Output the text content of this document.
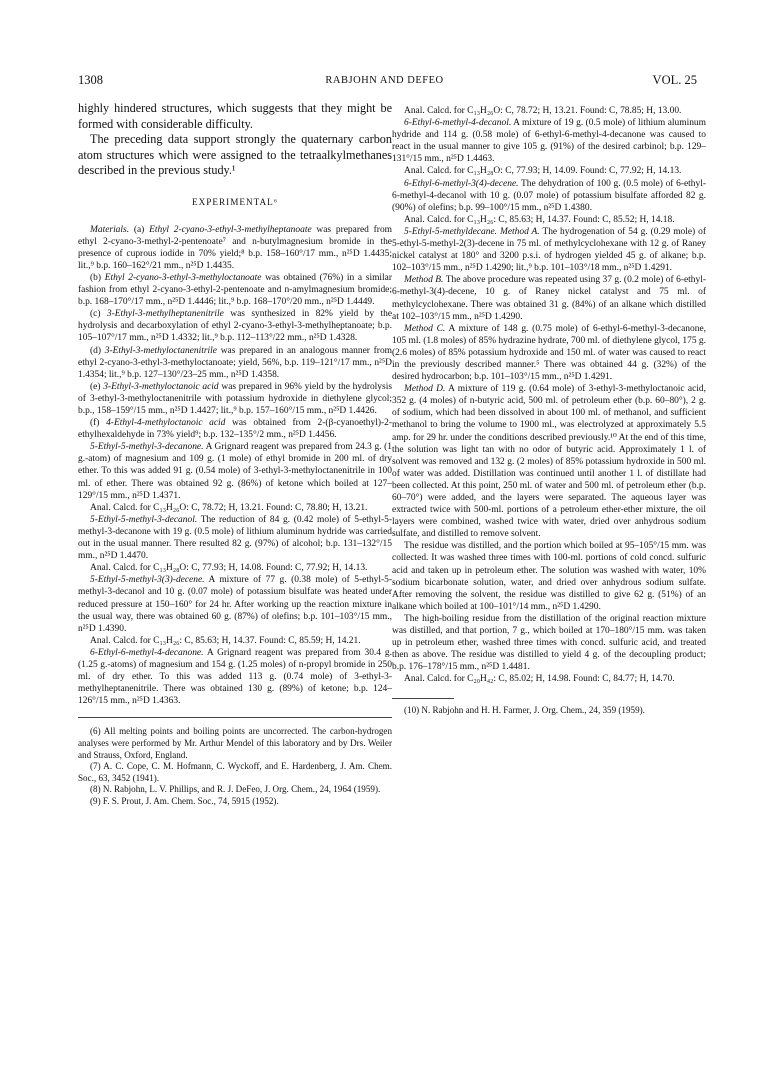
1308	RABJOHN AND DEFEO	VOL. 25

highly hindered structures, which suggests that they might be formed with considerable difficulty.

The preceding data support strongly the quaternary carbon atom structures which were assigned to the tetraalkylmethanes described in the previous study.¹

EXPERIMENTAL⁶

Materials. (a) Ethyl 2-cyano-3-ethyl-3-methylheptanoate was prepared from ethyl 2-cyano-3-methyl-2-pentenoate⁷ and n-butylmagnesium bromide in the presence of cuprous iodide in 70% yield;⁸ b.p. 158–160°/17 mm., n²⁵D 1.4435; lit.,⁹ b.p. 160–162°/21 mm., n²⁵D 1.4435.

(b) Ethyl 2-cyano-3-ethyl-3-methyloctanoate was obtained (76%) in a similar fashion from ethyl 2-cyano-3-ethyl-2-pentenoate and n-amylmagnesium bromide; b.p. 168–170°/17 mm., n²⁵D 1.4446; lit.,⁹ b.p. 168–170°/20 mm., n²⁵D 1.4449.

(c) 3-Ethyl-3-methylheptanenitrile was synthesized in 82% yield by the hydrolysis and decarboxylation of ethyl 2-cyano-3-ethyl-3-methylheptanoate; b.p. 105–107°/17 mm., n²⁵D 1.4332; lit.,⁹ b.p. 112–113°/22 mm., n²⁵D 1.4328.

(d) 3-Ethyl-3-methyloctanenitrile was prepared in an analogous manner from ethyl 2-cyano-3-ethyl-3-methyloctanoate; yield, 56%, b.p. 119–121°/17 mm., n²⁵D 1.4354; lit.,⁹ b.p. 127–130°/23–25 mm., n²⁵D 1.4358.

(e) 3-Ethyl-3-methyloctanoic acid was prepared in 96% yield by the hydrolysis of 3-ethyl-3-methyloctanenitrile with potassium hydroxide in diethylene glycol; b.p., 158–159°/15 mm., n²⁵D 1.4427; lit.,⁹ b.p. 157–160°/15 mm., n²⁵D 1.4426.

(f) 4-Ethyl-4-methyloctanoic acid was obtained from 2-(β-cyanoethyl)-2-ethylhexaldehyde in 73% yield⁹; b.p. 132–135°/2 mm., n²⁵D 1.4456.

5-Ethyl-5-methyl-3-decanone. A Grignard reagent was prepared from 24.3 g. (1 g.-atom) of magnesium and 109 g. (1 mole) of ethyl bromide in 200 ml. of dry ether. To this was added 91 g. (0.54 mole) of 3-ethyl-3-methyloctanenitrile in 100 ml. of ether. There was obtained 92 g. (86%) of ketone which boiled at 127–129°/15 mm., n²⁵D 1.4371.

Anal. Calcd. for C₁₃H₂₆O: C, 78.72; H, 13.21. Found: C, 78.80; H, 13.21.

5-Ethyl-5-methyl-3-decanol. The reduction of 84 g. (0.42 mole) of 5-ethyl-5-methyl-3-decanone with 19 g. (0.5 mole) of lithium aluminum hydride was carried out in the usual manner. There resulted 82 g. (97%) of alcohol; b.p. 131–132°/15 mm., n²⁵D 1.4470.

Anal. Calcd. for C₁₃H₂₈O: C, 77.93; H, 14.08. Found: C, 77.92; H, 14.13.

5-Ethyl-5-methyl-3(3)-decene. A mixture of 77 g. (0.38 mole) of 5-ethyl-5-methyl-3-decanol and 10 g. (0.07 mole) of potassium bisulfate was heated under reduced pressure at 150–160° for 24 hr. After working up the reaction mixture in the usual way, there was obtained 60 g. (87%) of olefins; b.p. 101–103°/15 mm., n²⁵D 1.4390.

Anal. Calcd. for C₁₃H₂₆: C, 85.63; H, 14.37. Found: C, 85.59; H, 14.21.

6-Ethyl-6-methyl-4-decanone. A Grignard reagent was prepared from 30.4 g. (1.25 g.-atoms) of magnesium and 154 g. (1.25 moles) of n-propyl bromide in 250 ml. of dry ether. To this was added 113 g. (0.74 mole) of 3-ethyl-3-methylheptanenitrile. There was obtained 130 g. (89%) of ketone; b.p. 124–126°/15 mm., n²⁵D 1.4363.

(6) All melting points and boiling points are uncorrected. The carbon-hydrogen analyses were performed by Mr. Arthur Mendel of this laboratory and by Drs. Weiler and Strauss, Oxford, England.

(7) A. C. Cope, C. M. Hofmann, C. Wyckoff, and E. Hardenberg, J. Am. Chem. Soc., 63, 3452 (1941).

(8) N. Rabjohn, L. V. Phillips, and R. J. DeFeo, J. Org. Chem., 24, 1964 (1959).

(9) F. S. Prout, J. Am. Chem. Soc., 74, 5915 (1952).

Anal. Calcd. for C₁₃H₂₆O: C, 78.72; H, 13.21. Found: C, 78.85; H, 13.00.

6-Ethyl-6-methyl-4-decanol. A mixture of 19 g. (0.5 mole) of lithium aluminum hydride and 114 g. (0.58 mole) of 6-ethyl-6-methyl-4-decanone was caused to react in the usual manner to give 105 g. (91%) of the desired carbinol; b.p. 129–131°/15 mm., n²⁵D 1.4463.

Anal. Calcd. for C₁₃H₂₈O: C, 77.93; H, 14.09. Found: C, 77.92; H, 14.13.

6-Ethyl-6-methyl-3(4)-decene. The dehydration of 100 g. (0.5 mole) of 6-ethyl-6-methyl-4-decanol with 10 g. (0.07 mole) of potassium bisulfate afforded 82 g. (90%) of olefins; b.p. 99–100°/15 mm., n²⁵D 1.4380.

Anal. Calcd. for C₁₃H₂₆: C, 85.63; H, 14.37. Found: C, 85.52; H, 14.18.

5-Ethyl-5-methyldecane. Method A. The hydrogenation of 54 g. (0.29 mole) of 5-ethyl-5-methyl-2(3)-decene in 75 ml. of methylcyclohexane with 12 g. of Raney nickel catalyst at 180° and 3200 p.s.i. of hydrogen yielded 45 g. of alkane; b.p. 102–103°/15 mm., n²⁵D 1.4290; lit.,⁹ b.p. 101–103°/18 mm., n²⁵D 1.4291.

Method B. The above procedure was repeated using 37 g. (0.2 mole) of 6-ethyl-6-methyl-3(4)-decene, 10 g. of Raney nickel catalyst and 75 ml. of methylcyclohexane. There was obtained 31 g. (84%) of an alkane which distilled at 102–103°/15 mm., n²⁵D 1.4290.

Method C. A mixture of 148 g. (0.75 mole) of 6-ethyl-6-methyl-3-decanone, 105 ml. (1.8 moles) of 85% hydrazine hydrate, 700 ml. of diethylene glycol, 175 g. (2.6 moles) of 85% potassium hydroxide and 150 ml. of water was caused to react in the previously described manner.⁵ There was obtained 44 g. (32%) of the desired hydrocarbon; b.p. 101–103°/15 mm., n²⁵D 1.4291.

Method D. A mixture of 119 g. (0.64 mole) of 3-ethyl-3-methyloctanoic acid, 352 g. (4 moles) of n-butyric acid, 500 ml. of petroleum ether (b.p. 60–80°), 2 g. of sodium, which had been dissolved in about 100 ml. of methanol, and sufficient methanol to bring the volume to 1900 ml., was electrolyzed at approximately 5.5 amp. for 29 hr. under the conditions described previously.¹⁰ At the end of this time, the solution was light tan with no odor of butyric acid. Approximately 1 l. of solvent was removed and 132 g. (2 moles) of 85% potassium hydroxide in 500 ml. of water was added. Distillation was continued until another 1 l. of distillate had been collected. At this point, 250 ml. of water and 500 ml. of petroleum ether (b.p. 60–70°) were added, and the layers were separated. The aqueous layer was extracted twice with 500-ml. portions of a petroleum ether-ether mixture, the oil layers were combined, washed twice with water, dried over anhydrous sodium sulfate, and distilled to remove solvent.

The residue was distilled, and the portion which boiled at 95–105°/15 mm. was collected. It was washed three times with 100-ml. portions of cold concd. sulfuric acid and taken up in petroleum ether. The solution was washed with water, 10% sodium bicarbonate solution, water, and dried over anhydrous sodium sulfate. After removing the solvent, the residue was distilled to give 62 g. (51%) of an alkane which boiled at 100–101°/14 mm., n²⁵D 1.4290.

The high-boiling residue from the distillation of the original reaction mixture was distilled, and that portion, 7 g., which boiled at 170–180°/15 mm. was taken up in petroleum ether, washed three times with concd. sulfuric acid, and treated then as above. The residue was distilled to yield 4 g. of the decoupling product; b.p. 176–178°/15 mm., n²⁵D 1.4481.

Anal. Calcd. for C₂₀H₄₂: C, 85.02; H, 14.98. Found: C, 84.77; H, 14.70.

(10) N. Rabjohn and H. H. Farmer, J. Org. Chem., 24, 359 (1959).
